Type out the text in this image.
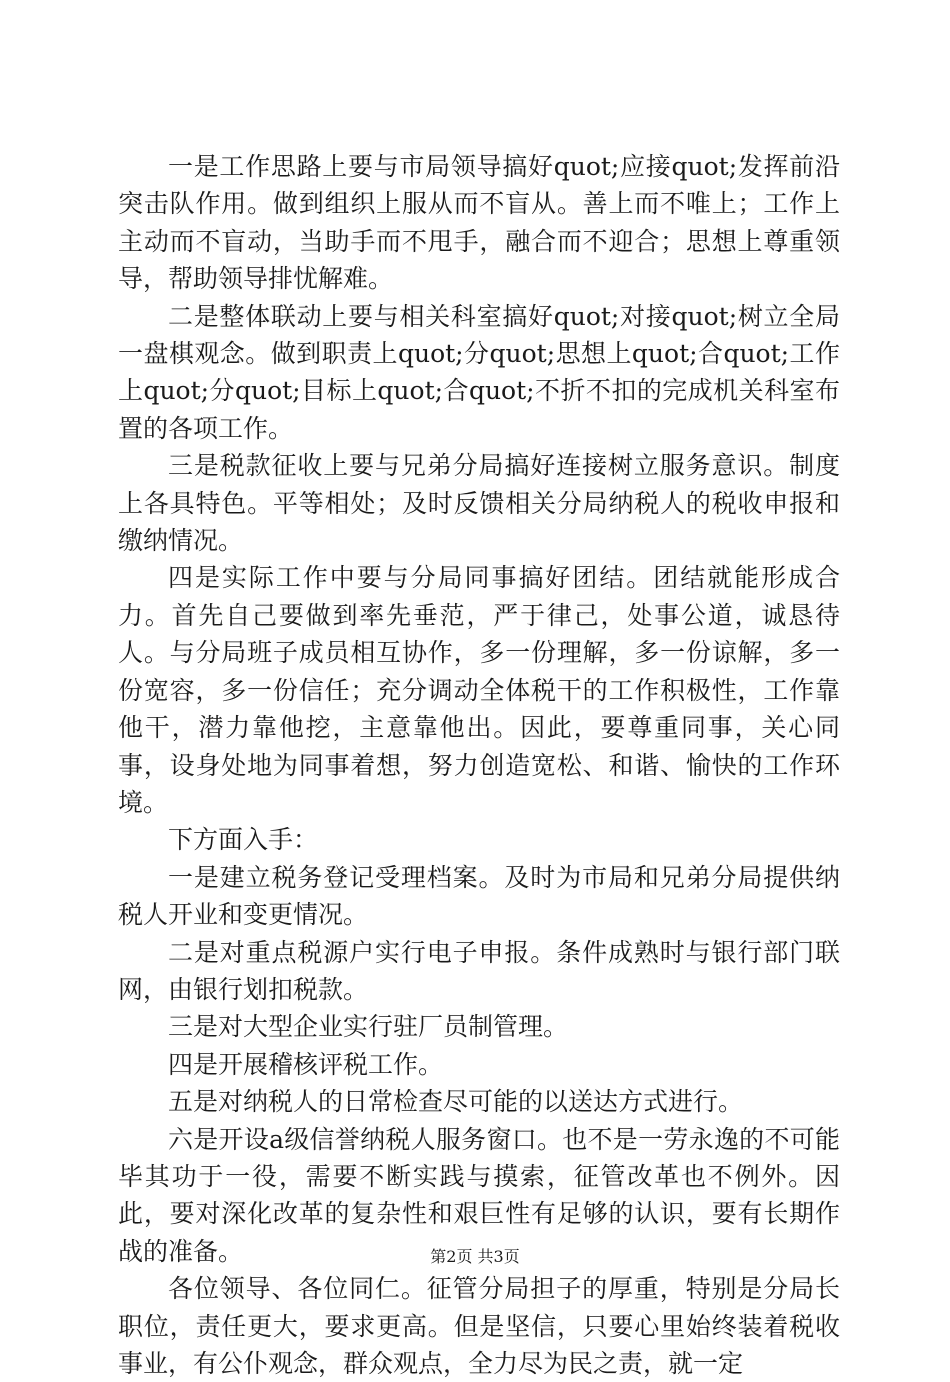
一是工作思路上要与市局领导搞好quot;应接quot;发挥前沿突击队作用。做到组织上服从而不盲从。善上而不唯上；工作上主动而不盲动，当助手而不甩手，融合而不迎合；思想上尊重领导，帮助领导排忧解难。

二是整体联动上要与相关科室搞好quot;对接quot;树立全局一盘棋观念。做到职责上quot;分quot;思想上quot;合quot;工作上quot;分quot;目标上quot;合quot;不折不扣的完成机关科室布置的各项工作。

三是税款征收上要与兄弟分局搞好连接树立服务意识。制度上各具特色。平等相处；及时反馈相关分局纳税人的税收申报和缴纳情况。

四是实际工作中要与分局同事搞好团结。团结就能形成合力。首先自己要做到率先垂范，严于律己，处事公道，诚恳待人。与分局班子成员相互协作，多一份理解，多一份谅解，多一份宽容，多一份信任；充分调动全体税干的工作积极性，工作靠他干，潜力靠他挖，主意靠他出。因此，要尊重同事，关心同事，设身处地为同事着想，努力创造宽松、和谐、愉快的工作环境。

下方面入手：

一是建立税务登记受理档案。及时为市局和兄弟分局提供纳税人开业和变更情况。

二是对重点税源户实行电子申报。条件成熟时与银行部门联网，由银行划扣税款。

三是对大型企业实行驻厂员制管理。

四是开展稽核评税工作。

五是对纳税人的日常检查尽可能的以送达方式进行。

六是开设a级信誉纳税人服务窗口。也不是一劳永逸的不可能毕其功于一役，需要不断实践与摸索，征管改革也不例外。因此，要对深化改革的复杂性和艰巨性有足够的认识，要有长期作战的准备。

各位领导、各位同仁。征管分局担子的厚重，特别是分局长职位，责任更大，要求更高。但是坚信，只要心里始终装着税收事业，有公仆观念，群众观点，全力尽为民之责，就一定

第2页 共3页
